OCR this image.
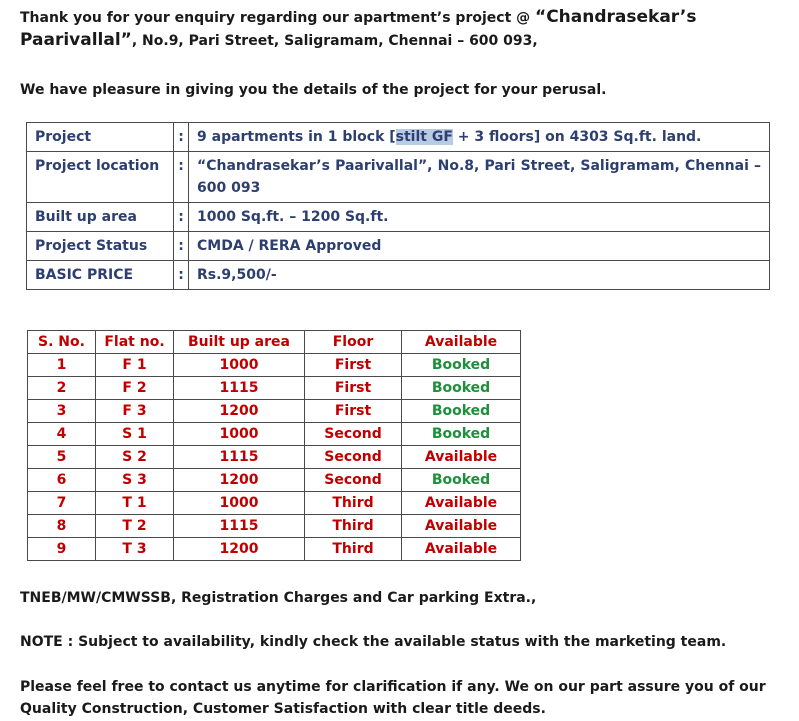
Thank you for your enquiry regarding our apartment’s project @ “Chandrasekar’s Paarivallal”, No.9, Pari Street, Saligramam, Chennai – 600 093,

We have pleasure in giving you the details of the project for your perusal.

Project	:	9 apartments in 1 block [stilt GF + 3 floors] on 4303 Sq.ft. land.
Project location	:	“Chandrasekar’s Paarivallal”, No.8, Pari Street, Saligramam, Chennai – 600 093
Built up area	:	1000 Sq.ft. – 1200 Sq.ft.
Project Status	:	CMDA / RERA Approved
BASIC PRICE	:	Rs.9,500/-
S. No.	Flat no.	Built up area	Floor	Available
1	F 1	1000	First	Booked
2	F 2	1115	First	Booked
3	F 3	1200	First	Booked
4	S 1	1000	Second	Booked
5	S 2	1115	Second	Available
6	S 3	1200	Second	Booked
7	T 1	1000	Third	Available
8	T 2	1115	Third	Available
9	T 3	1200	Third	Available

TNEB/MW/CMWSSB, Registration Charges and Car parking Extra.,

NOTE : Subject to availability, kindly check the available status with the marketing team.

Please feel free to contact us anytime for clarification if any. We on our part assure you of our Quality Construction, Customer Satisfaction with clear title deeds.
